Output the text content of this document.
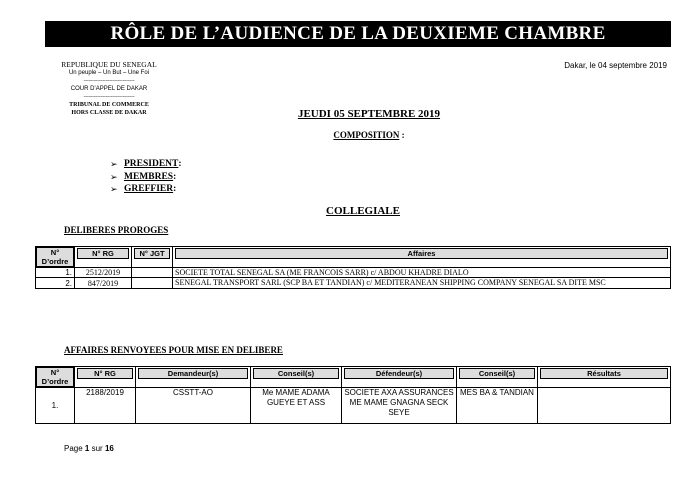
RÔLE DE L’AUDIENCE DE LA DEUXIEME CHAMBRE
REPUBLIQUE DU SENEGAL
Un peuple – Un But – Une Foi
------------------------------
COUR D’APPEL DE DAKAR
------------------------------
TRIBUNAL DE COMMERCE
HORS CLASSE DE DAKAR
Dakar, le 04 septembre 2019
JEUDI 05 SEPTEMBRE 2019
COMPOSITION :
➢ PRESIDENT :
➢ MEMBRES :
➢ GREFFIER :
COLLEGIALE
DELIBERES PROROGES
N° D’ordre	N° RG	N° JGT	Affaires

1.	2512/2019		SOCIETE TOTAL SENEGAL SA (ME FRANCOIS SARR) c/ ABDOU KHADRE DIALO
2.	847/2019		SENEGAL TRANSPORT SARL (SCP BA ET TANDIAN) c/ MEDITERANEAN SHIPPING COMPANY SENEGAL SA DITE MSC
AFFAIRES RENVOYEES POUR MISE EN DELIBERE
N° D’ordre	N° RG	Demandeur(s)	Conseil(s)	Défendeur(s)	Conseil(s)	Résultats

1.	2188/2019	CSSTT-AO	Me MAME ADAMA GUEYE ET ASS	SOCIETE AXA ASSURANCES ME MAME GNAGNA SECK SEYE	MES BA & TANDIAN	
Page 1 sur 16
